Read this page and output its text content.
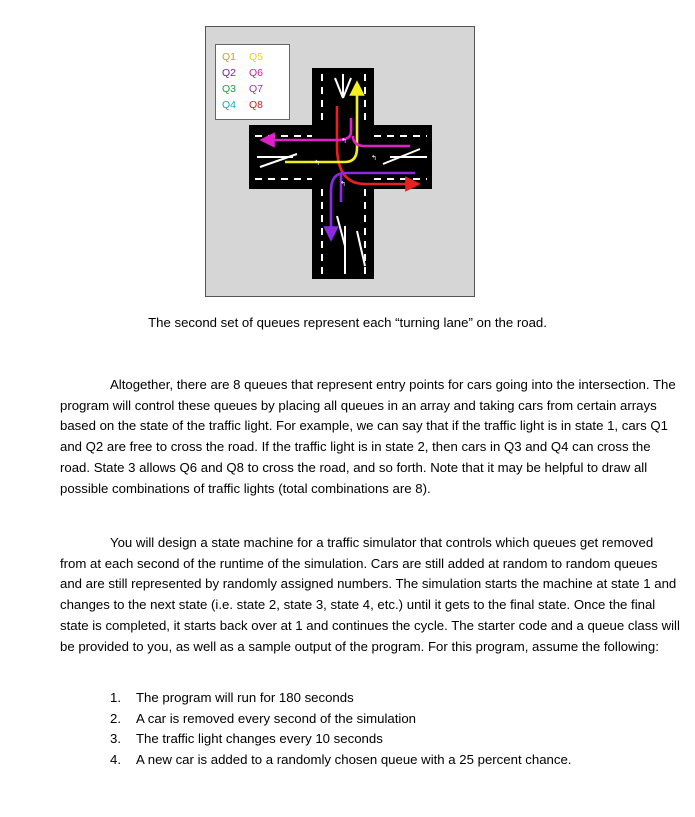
↰
↰
↰
↰
Q1 Q5
Q2 Q6
Q3 Q7
Q4 Q8
The second set of queues represent each “turning lane” on the road.

Altogether, there are 8 queues that represent entry points for cars going into the intersection. The program will control these queues by placing all queues in an array and taking cars from certain arrays based on the state of the traffic light. For example, we can say that if the traffic light is in state 1, cars Q1 and Q2 are free to cross the road. If the traffic light is in state 2, then cars in Q3 and Q4 can cross the road. State 3 allows Q6 and Q8 to cross the road, and so forth. Note that it may be helpful to draw all possible combinations of traffic lights (total combinations are 8).

You will design a state machine for a traffic simulator that controls which queues get removed from at each second of the runtime of the simulation. Cars are still added at random to random queues and are still represented by randomly assigned numbers. The simulation starts the machine at state 1 and changes to the next state (i.e. state 2, state 3, state 4, etc.) until it gets to the final state. Once the final state is completed, it starts back over at 1 and continues the cycle. The starter code and a queue class will be provided to you, as well as a sample output of the program. For this program, assume the following:

1.	The program will run for 180 seconds
2.	A car is removed every second of the simulation
3.	The traffic light changes every 10 seconds
4.	A new car is added to a randomly chosen queue with a 25 percent chance.
